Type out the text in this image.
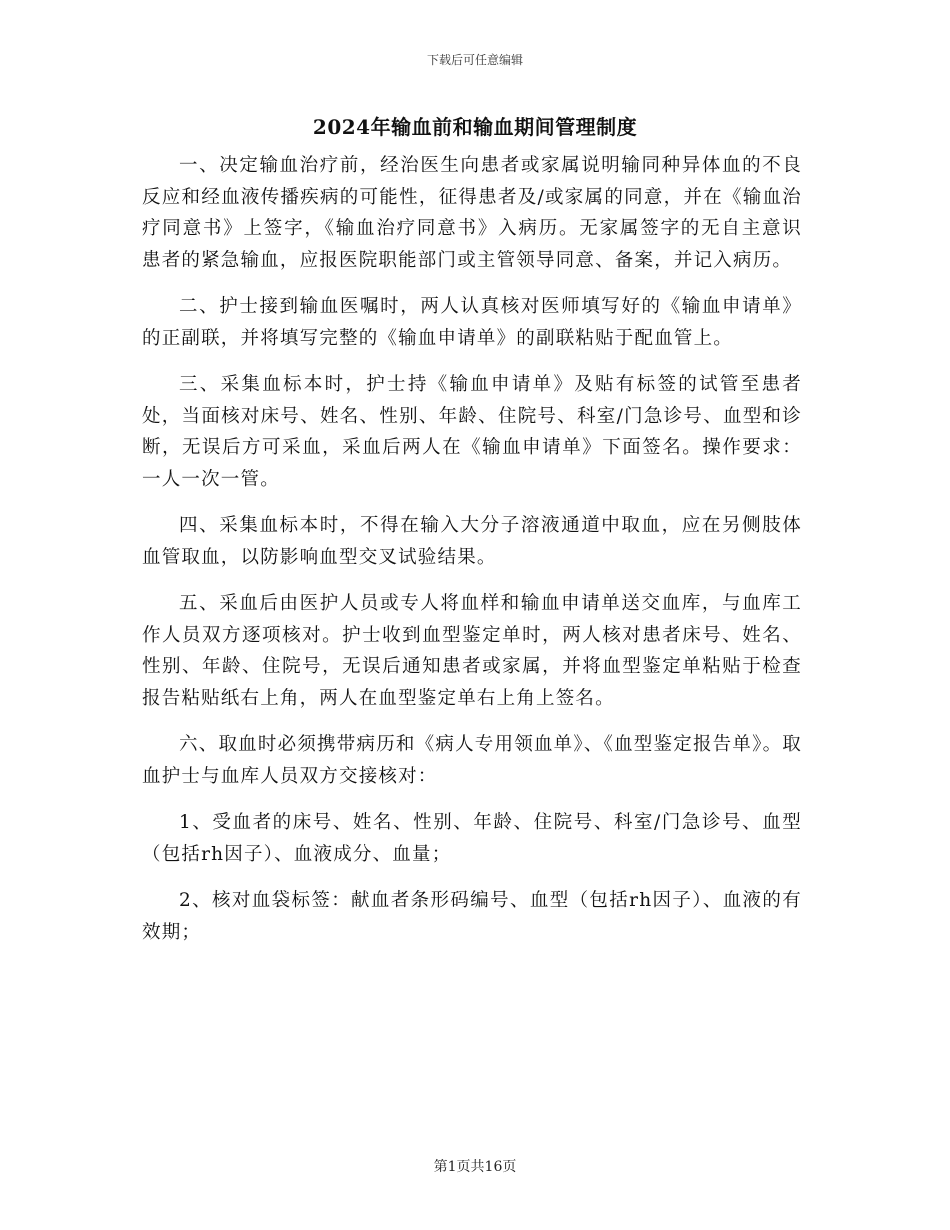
下载后可任意编辑
2024年输血前和输血期间管理制度

一、决定输血治疗前，经治医生向患者或家属说明输同种异体血的不良反应和经血液传播疾病的可能性，征得患者及/或家属的同意，并在《输血治疗同意书》上签字，《输血治疗同意书》入病历。无家属签字的无自主意识患者的紧急输血，应报医院职能部门或主管领导同意、备案，并记入病历。

二、护士接到输血医嘱时，两人认真核对医师填写好的《输血申请单》的正副联，并将填写完整的《输血申请单》的副联粘贴于配血管上。

三、采集血标本时，护士持《输血申请单》及贴有标签的试管至患者处，当面核对床号、姓名、性别、年龄、住院号、科室/门急诊号、血型和诊断，无误后方可采血，采血后两人在《输血申请单》下面签名。操作要求：一人一次一管。

四、采集血标本时，不得在输入大分子溶液通道中取血，应在另侧肢体血管取血，以防影响血型交叉试验结果。

五、采血后由医护人员或专人将血样和输血申请单送交血库，与血库工作人员双方逐项核对。护士收到血型鉴定单时，两人核对患者床号、姓名、性别、年龄、住院号，无误后通知患者或家属，并将血型鉴定单粘贴于检查报告粘贴纸右上角，两人在血型鉴定单右上角上签名。

六、取血时必须携带病历和《病人专用领血单》、《血型鉴定报告单》。取血护士与血库人员双方交接核对：

1、受血者的床号、姓名、性别、年龄、住院号、科室/门急诊号、血型（包括rh因子）、血液成分、血量；

2、核对血袋标签：献血者条形码编号、血型（包括rh因子）、血液的有效期；

第1页共16页
